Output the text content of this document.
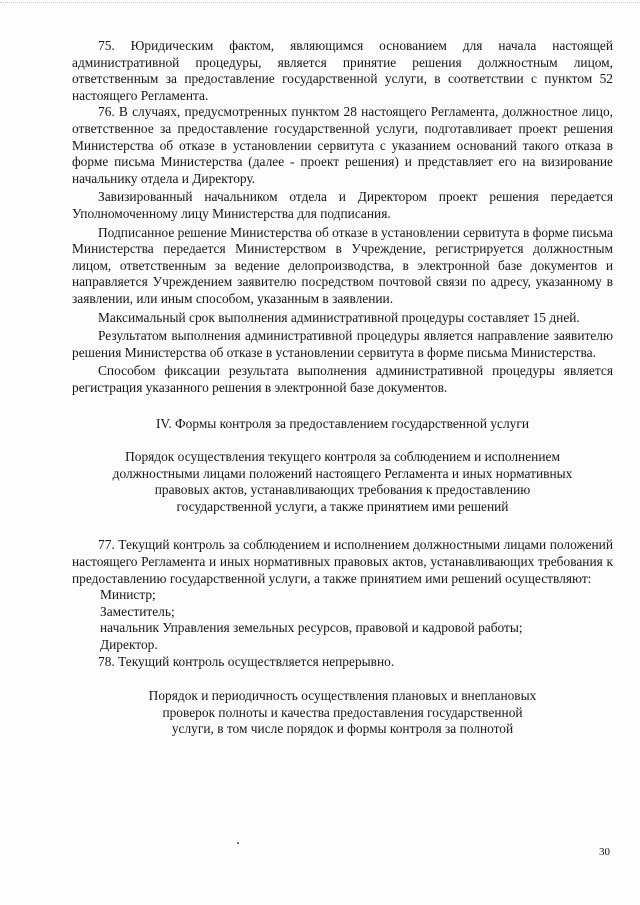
75. Юридическим фактом, являющимся основанием для начала настоящей административной процедуры, является принятие решения должностным лицом, ответственным за предоставление государственной услуги, в соответствии с пунктом 52 настоящего Регламента.

76. В случаях, предусмотренных пунктом 28 настоящего Регламента, должностное лицо, ответственное за предоставление государственной услуги, подготавливает проект решения Министерства об отказе в установлении сервитута с указанием оснований такого отказа в форме письма Министерства (далее - проект решения) и представляет его на визирование начальнику отдела и Директору.

Завизированный начальником отдела и Директором проект решения передается Уполномоченному лицу Министерства для подписания.

Подписанное решение Министерства об отказе в установлении сервитута в форме письма Министерства передается Министерством в Учреждение, регистрируется должностным лицом, ответственным за ведение делопроизводства, в электронной базе документов и направляется Учреждением заявителю посредством почтовой связи по адресу, указанному в заявлении, или иным способом, указанным в заявлении.

Максимальный срок выполнения административной процедуры составляет 15 дней.

Результатом выполнения административной процедуры является направление заявителю решения Министерства об отказе в установлении сервитута в форме письма Министерства.

Способом фиксации результата выполнения административной процедуры является регистрация указанного решения в электронной базе документов.

IV. Формы контроля за предоставлением государственной услуги

Порядок осуществления текущего контроля за соблюдением и исполнением
должностными лицами положений настоящего Регламента и иных нормативных
правовых актов, устанавливающих требования к предоставлению
государственной услуги, а также принятием ими решений

77. Текущий контроль за соблюдением и исполнением должностными лицами положений настоящего Регламента и иных нормативных правовых актов, устанавливающих требования к предоставлению государственной услуги, а также принятием ими решений осуществляют:

Министр;

Заместитель;

начальник Управления земельных ресурсов, правовой и кадровой работы;

Директор.

78. Текущий контроль осуществляется непрерывно.

Порядок и периодичность осуществления плановых и внеплановых
проверок полноты и качества предоставления государственной
услуги, в том числе порядок и формы контроля за полнотой
30
